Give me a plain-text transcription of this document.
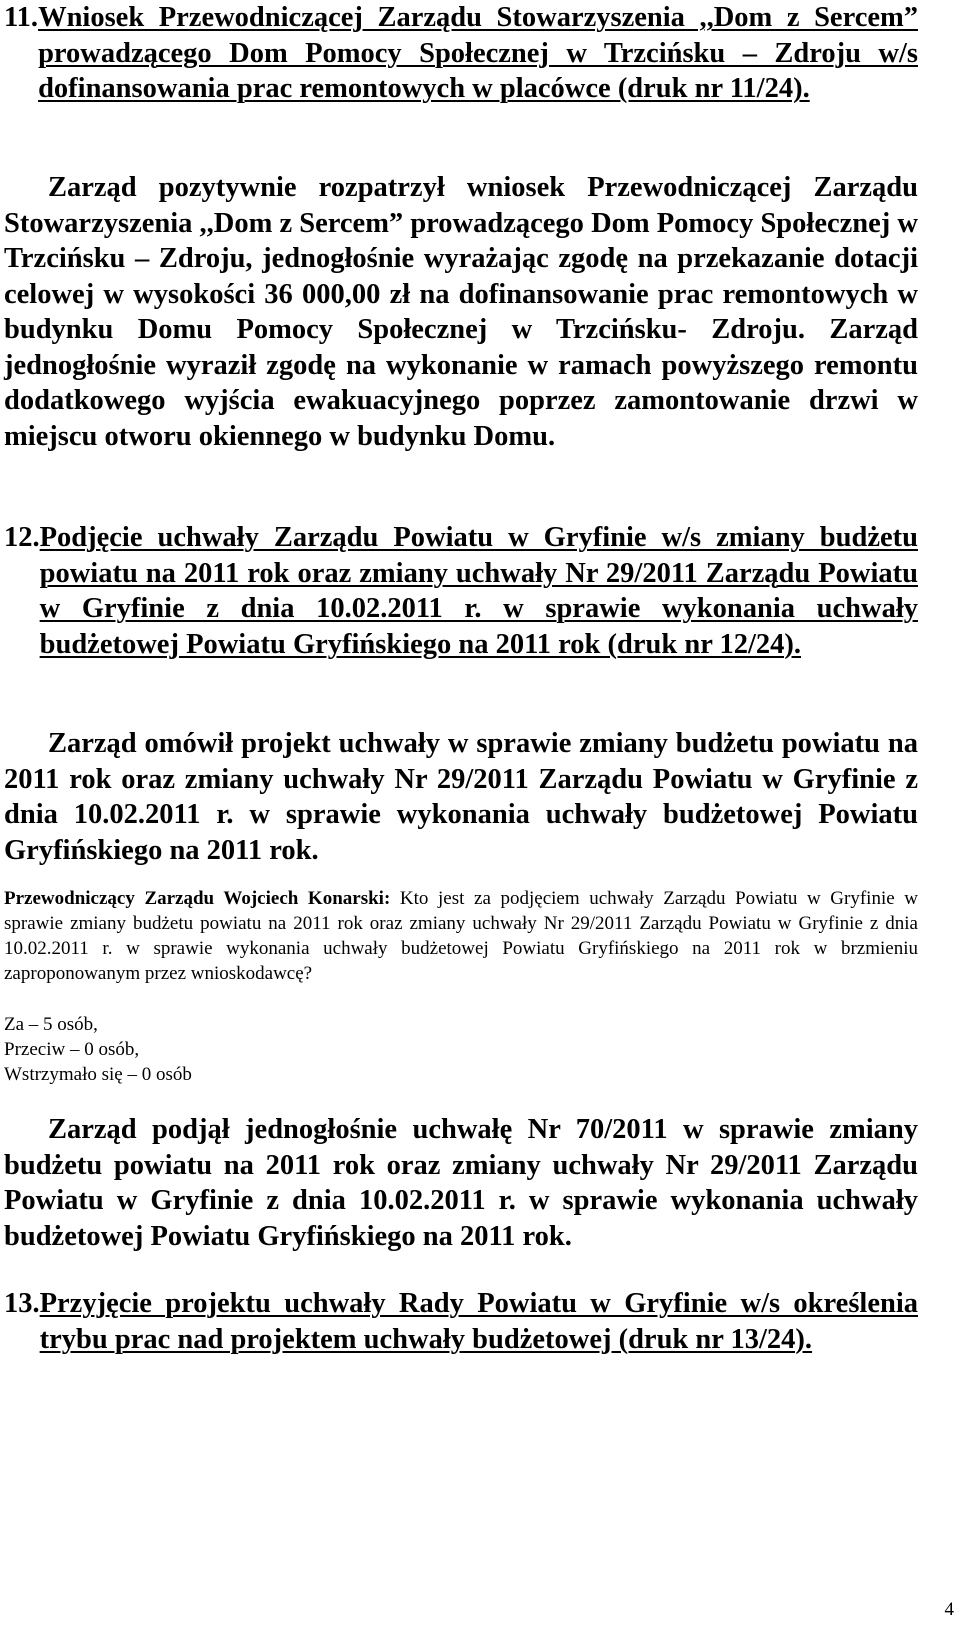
11. Wniosek Przewodniczącej Zarządu Stowarzyszenia ,,Dom z Sercem” prowadzącego Dom Pomocy Społecznej w Trzcińsku – Zdroju w/s dofinansowania prac remontowych w placówce (druk nr 11/24).

Zarząd pozytywnie rozpatrzył wniosek Przewodniczącej Zarządu Stowarzyszenia ,,Dom z Sercem” prowadzącego Dom Pomocy Społecznej w Trzcińsku – Zdroju, jednogłośnie wyrażając zgodę na przekazanie dotacji celowej w wysokości 36 000,00 zł na dofinansowanie prac remontowych w budynku Domu Pomocy Społecznej w Trzcińsku- Zdroju. Zarząd jednogłośnie wyraził zgodę na wykonanie w ramach powyższego remontu dodatkowego wyjścia ewakuacyjnego poprzez zamontowanie drzwi w miejscu otworu okiennego w budynku Domu.

12. Podjęcie uchwały Zarządu Powiatu w Gryfinie w/s zmiany budżetu powiatu na 2011 rok oraz zmiany uchwały Nr 29/2011 Zarządu Powiatu w Gryfinie z dnia 10.02.2011 r. w sprawie wykonania uchwały budżetowej Powiatu Gryfińskiego na 2011 rok (druk nr 12/24).

Zarząd omówił projekt uchwały w sprawie zmiany budżetu powiatu na 2011 rok oraz zmiany uchwały Nr 29/2011 Zarządu Powiatu w Gryfinie z dnia 10.02.2011 r. w sprawie wykonania uchwały budżetowej Powiatu Gryfińskiego na 2011 rok.

Przewodniczący Zarządu Wojciech Konarski: Kto jest za podjęciem uchwały Zarządu Powiatu w Gryfinie w sprawie zmiany budżetu powiatu na 2011 rok oraz zmiany uchwały Nr 29/2011 Zarządu Powiatu w Gryfinie z dnia 10.02.2011 r. w sprawie wykonania uchwały budżetowej Powiatu Gryfińskiego na 2011 rok w brzmieniu zaproponowanym przez wnioskodawcę?

Za – 5 osób,
Przeciw – 0 osób,
Wstrzymało się – 0 osób

Zarząd podjął jednogłośnie uchwałę Nr 70/2011 w sprawie zmiany budżetu powiatu na 2011 rok oraz zmiany uchwały Nr 29/2011 Zarządu Powiatu w Gryfinie z dnia 10.02.2011 r. w sprawie wykonania uchwały budżetowej Powiatu Gryfińskiego na 2011 rok.

13. Przyjęcie projektu uchwały Rady Powiatu w Gryfinie w/s określenia trybu prac nad projektem uchwały budżetowej (druk nr 13/24).
4
